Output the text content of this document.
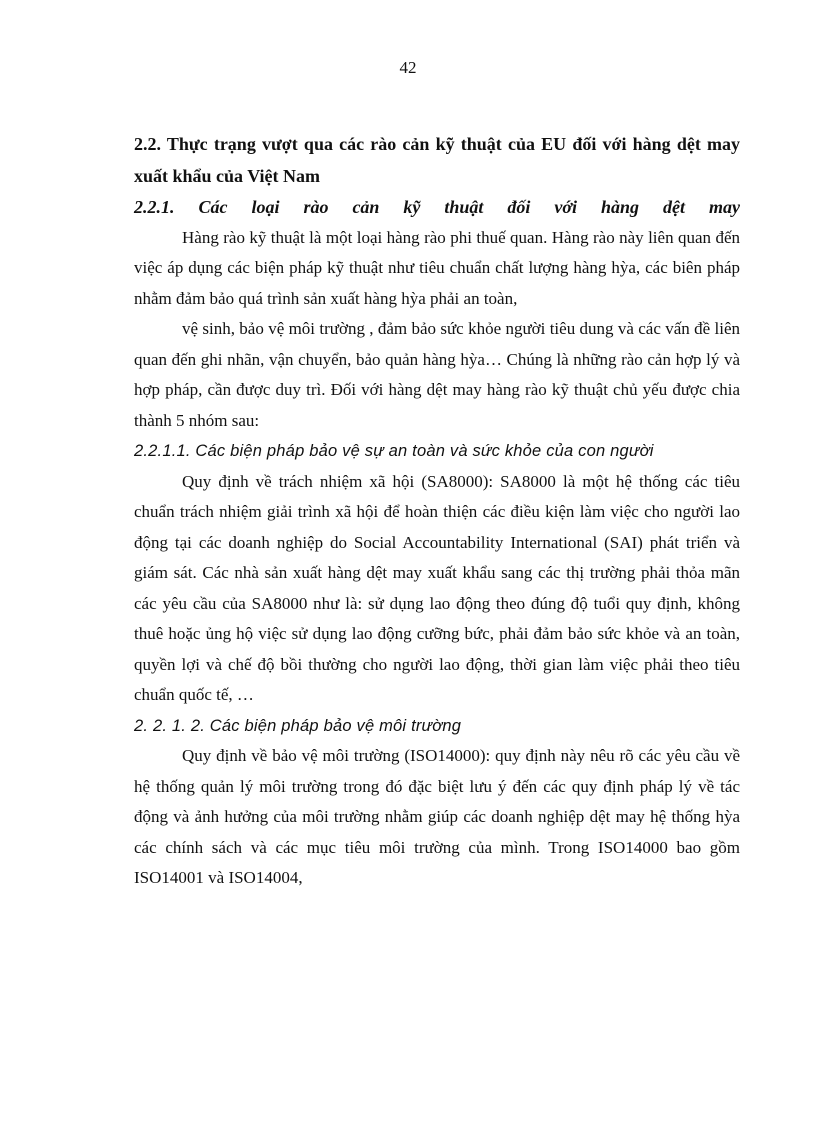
42

2.2. Thực trạng vượt qua các rào cản kỹ thuật của EU đối với hàng dệt may xuất khẩu của Việt Nam

2.2.1. Các loại rào cản kỹ thuật đối với hàng dệt may

Hàng rào kỹ thuật là một loại hàng rào phi thuế quan. Hàng rào này liên quan đến việc áp dụng các biện pháp kỹ thuật như tiêu chuẩn chất lượng hàng hỳa, các biên pháp nhằm đảm bảo quá trình sản xuất hàng hỳa phải an toàn,

vệ sinh, bảo vệ môi trường , đảm bảo sức khỏe người tiêu dung và các vấn đề liên quan đến ghi nhãn, vận chuyển, bảo quản hàng hỳa… Chúng là những rào cản hợp lý và hợp pháp, cần được duy trì. Đối với hàng dệt may hàng rào kỹ thuật chủ yếu được chia thành 5 nhóm sau:

2.2.1.1. Các biện pháp bảo vệ sự an toàn và sức khỏe của con người

Quy định về trách nhiệm xã hội (SA8000): SA8000 là một hệ thống các tiêu chuẩn trách nhiệm giải trình xã hội để hoàn thiện các điều kiện làm việc cho người lao động tại các doanh nghiệp do Social Accountability International (SAI) phát triển và giám sát. Các nhà sản xuất hàng dệt may xuất khẩu sang các thị trường phải thỏa mãn các yêu cầu của SA8000 như là: sử dụng lao động theo đúng độ tuổi quy định, không thuê hoặc ủng hộ việc sử dụng lao động cưỡng bức, phải đảm bảo sức khỏe và an toàn, quyền lợi và chế độ bồi thường cho người lao động, thời gian làm việc phải theo tiêu chuẩn quốc tế, …

2. 2. 1. 2. Các biện pháp bảo vệ môi trường

Quy định về bảo vệ môi trường (ISO14000): quy định này nêu rõ các yêu cầu về hệ thống quản lý môi trường trong đó đặc biệt lưu ý đến các quy định pháp lý về tác động và ảnh hưởng của môi trường nhằm giúp các doanh nghiệp dệt may hệ thống hỳa các chính sách và các mục tiêu môi trường của mình. Trong ISO14000 bao gồm ISO14001 và ISO14004,
